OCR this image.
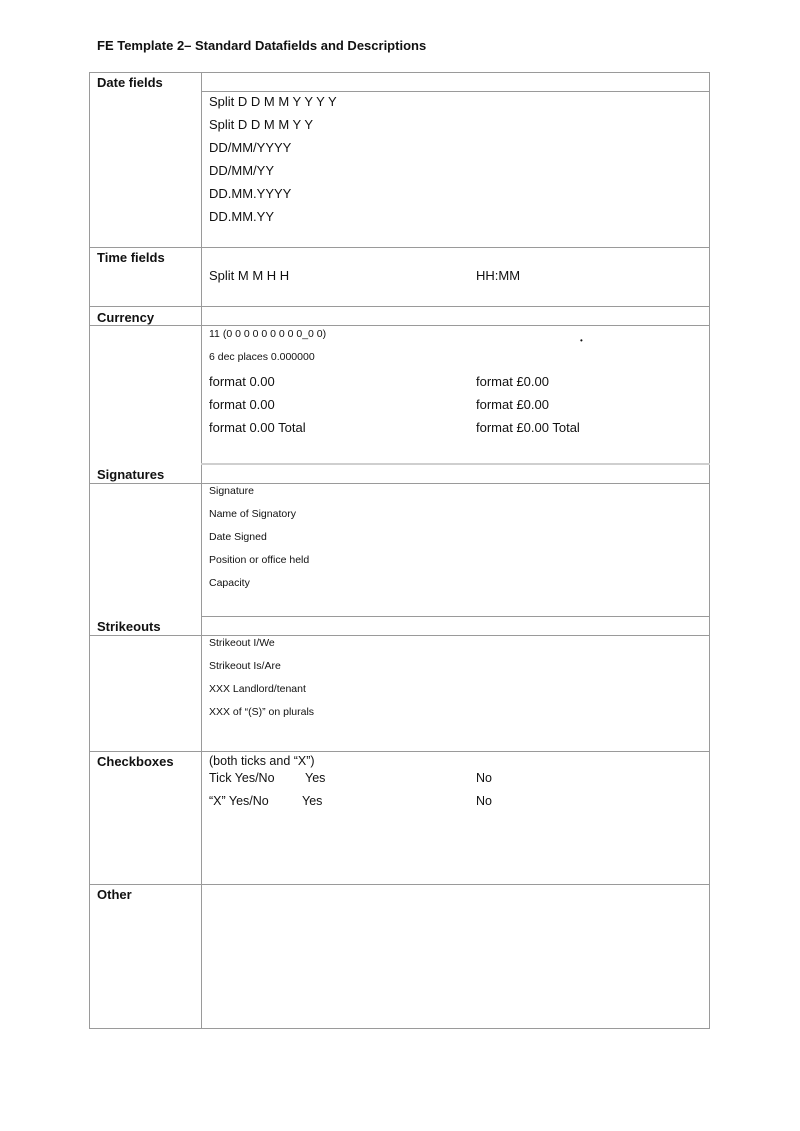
FE Template 2– Standard Datafields and Descriptions
Date fields
Split D D M M Y Y Y Y
Split D D M M Y Y
DD/MM/YYYY
DD/MM/YY
DD.MM.YYYY
DD.MM.YY
Time fields
Split M M H H	HH:MM
Currency
11 (0 0 0 0 0 0 0 0 0_0 0)
6 dec places 0.000000
•
format 0.00	format £0.00
format 0.00	format £0.00
format 0.00 Total	format £0.00 Total
Signatures
Signature
Name of Signatory
Date Signed
Position or office held
Capacity
Strikeouts
Strikeout I/We
Strikeout Is/Are
XXX Landlord/tenant
XXX of “(S)” on plurals
Checkboxes	(both ticks and “X”)
Tick Yes/No Yes	No
“X” Yes/No	Yes	No
Other
